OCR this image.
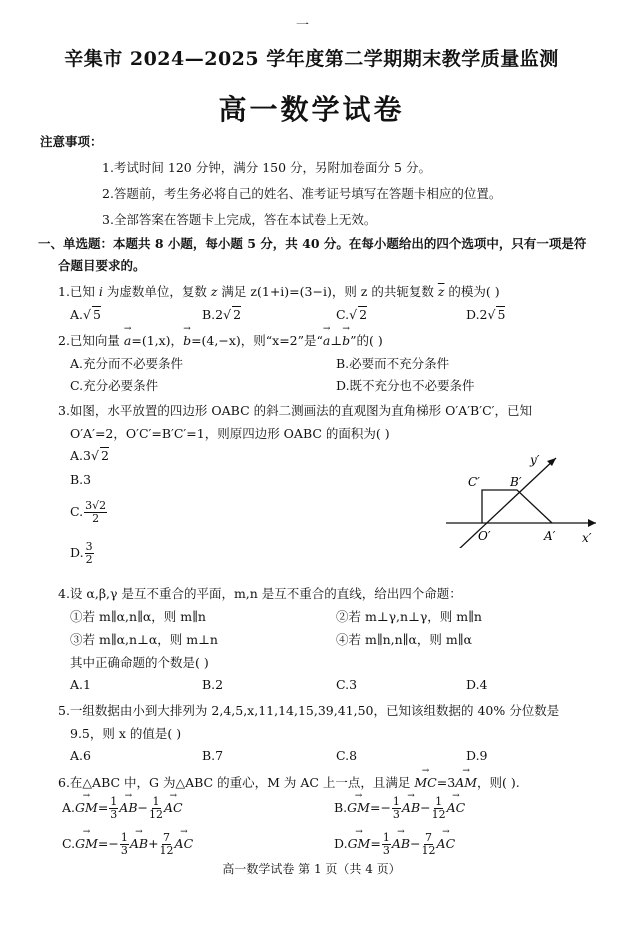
一
辛集市 2024—2025 学年度第二学期期末教学质量监测
高一数学试卷
注意事项：
1.考试时间 120 分钟，满分 150 分，另附加卷面分 5 分。
2.答题前，考生务必将自己的姓名、准考证号填写在答题卡相应的位置。
3.全部答案在答题卡上完成，答在本试卷上无效。
一、单选题：本题共 8 小题，每小题 5 分，共 40 分。在每小题给出的四个选项中，只有一项是符
合题目要求的。
1.已知 i 为虚数单位，复数 z 满足 z(1+i)=(3−i)，则 z 的共轭复数 $\overline{z}$ 的模为( )
A.√ 5	B.2√ 2	C.√ 2	D.2√ 5
2.已知向量 → a=(1,x)，→ b=(4,−x)，则“x=2”是“→ a⊥→ b”的( )
A.充分而不必要条件	B.必要而不充分条件
C.充分必要条件	D.既不充分也不必要条件
3.如图，水平放置的四边形 OABC 的斜二测画法的直观图为直角梯形 O′A′B′C′，已知
O′A′=2，O′C′=B′C′=1，则原四边形 OABC 的面积为( )
A.3√ 2
B.3
C. $\frac{3√2}{2}$
D. $\frac{3}{2}$
y′
C′	B′
O′	A′ x′
4.设 α,β,γ 是互不重合的平面，m,n 是互不重合的直线，给出四个命题：
①若 m∥α,n∥α，则 m∥n	②若 m⊥γ,n⊥γ，则 m∥n
③若 m∥α,n⊥α，则 m⊥n	④若 m∥n,n∥α，则 m∥α
其中正确命题的个数是( )
A.1	B.2	C.3	D.4
5.一组数据由小到大排列为 2,4,5,x,11,14,15,39,41,50，已知该组数据的 40% 分位数是
9.5，则 x 的值是( )
A.6	B.7	C.8	D.9
6.在△ABC 中，G 为△ABC 的重心，M 为 AC 上一点，且满足 → MC=3→ AM，则( ).
$A.\to GM= \frac{1}{3} \to AB- \frac{1}{12}$ → AC	$B.\to GM=- \frac{1}{3} \to AB- \frac{1}{12}$ → AC
$C.\to GM=- \frac{1}{3} \to AB+ \frac{7}{12}$ → AC	$D.\to GM= \frac{1}{3} \to AB- \frac{7}{12}$ → AC
高一数学试卷 第 1 页（共 4 页）
